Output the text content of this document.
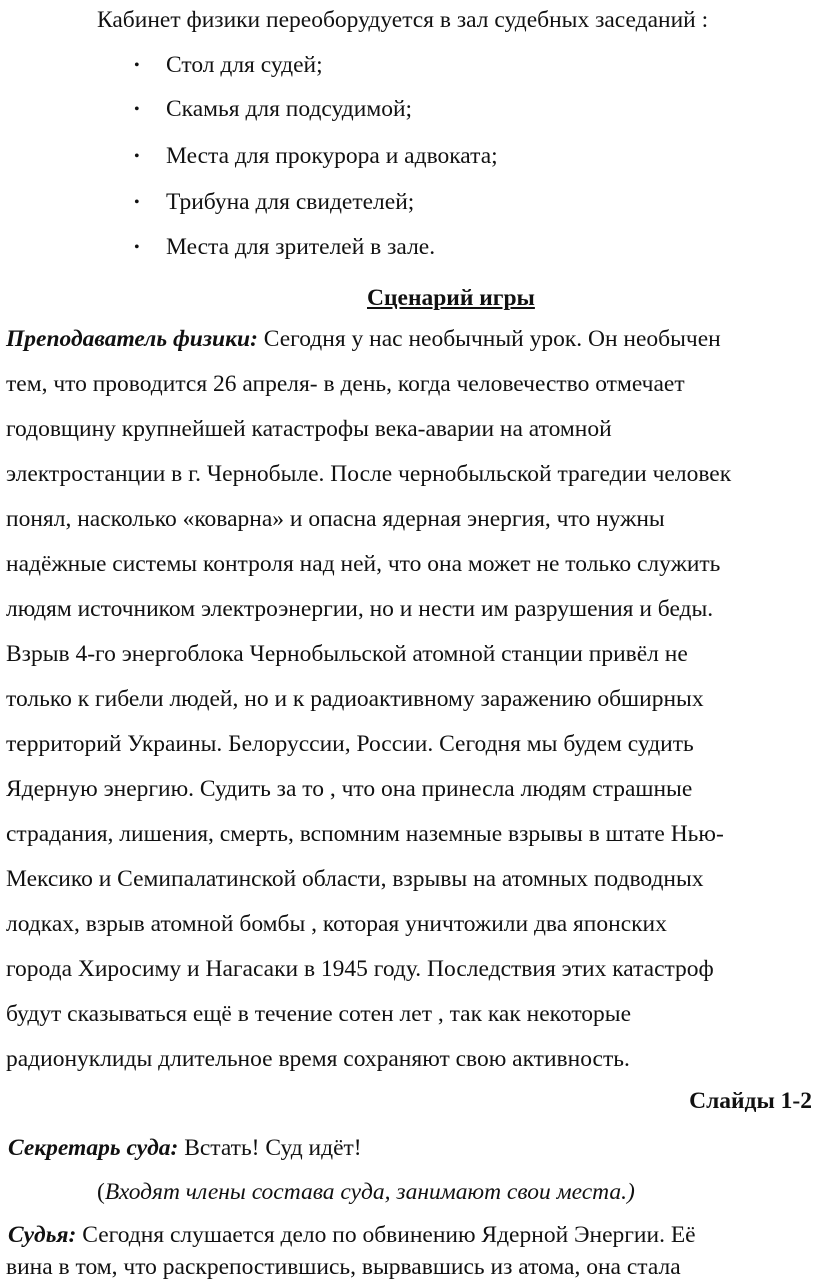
Кабинет физики переоборудуется в зал судебных заседаний :
• Стол для судей;
• Скамья для подсудимой;
• Места для прокурора и адвоката;
• Трибуна для свидетелей;
• Места для зрителей в зале.
Сценарий игры
Преподаватель физики: Сегодня у нас необычный урок. Он необычен
тем, что проводится 26 апреля- в день, когда человечество отмечает
годовщину крупнейшей катастрофы века-аварии на атомной
электростанции в г. Чернобыле. После чернобыльской трагедии человек
понял, насколько «коварна» и опасна ядерная энергия, что нужны
надёжные системы контроля над ней, что она может не только служить
людям источником электроэнергии, но и нести им разрушения и беды.
Взрыв 4-го энергоблока Чернобыльской атомной станции привёл не
только к гибели людей, но и к радиоактивному заражению обширных
территорий Украины. Белоруссии, России. Сегодня мы будем судить
Ядерную энергию. Судить за то , что она принесла людям страшные
страдания, лишения, смерть, вспомним наземные взрывы в штате Нью-
Мексико и Семипалатинской области, взрывы на атомных подводных
лодках, взрыв атомной бомбы , которая уничтожили два японских
города Хиросиму и Нагасаки в 1945 году. Последствия этих катастроф
будут сказываться ещё в течение сотен лет , так как некоторые
радионуклиды длительное время сохраняют свою активность.
Слайды 1-2
Секретарь суда: Встать! Суд идёт!
(Входят члены состава суда, занимают свои места.)
Судья: Сегодня слушается дело по обвинению Ядерной Энергии. Её
вина в том, что раскрепостившись, вырвавшись из атома, она стала
